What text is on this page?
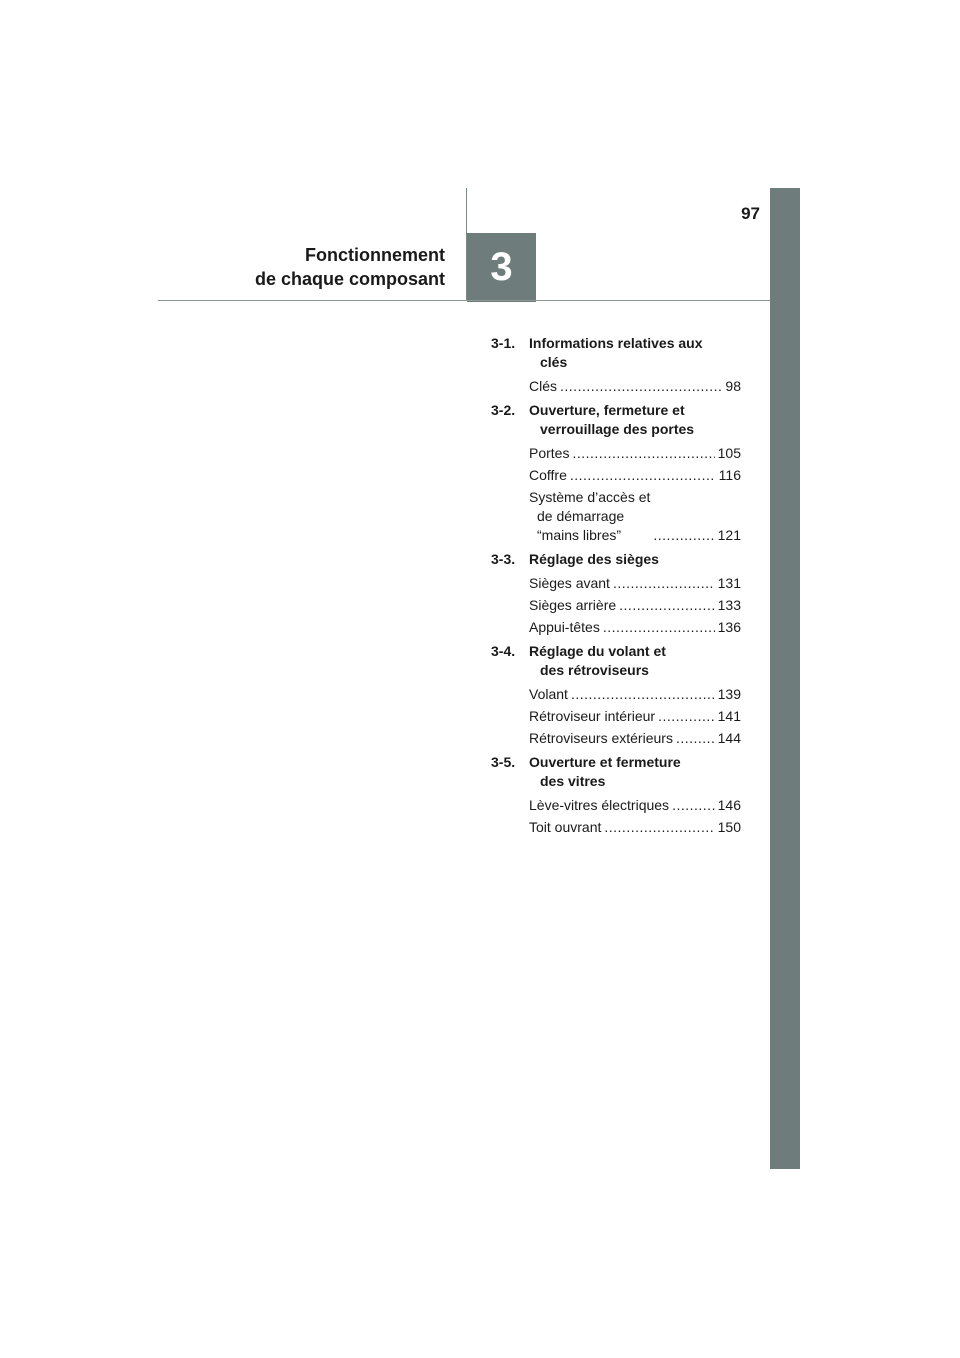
97
Fonctionnement
de chaque composant 3
3-1. Informations relatives aux
clés
Clés .....	98
3-2. Ouverture, fermeture et
verrouillage des portes
Portes .....	105
Coffre .....	116
Système d’accès et
de démarrage
“mains libres” .....	121
3-3. Réglage des sièges
Sièges avant .....	131
Sièges arrière .....	133
Appui-têtes .....	136
3-4. Réglage du volant et
des rétroviseurs
Volant .....	139
Rétroviseur intérieur .....	141
Rétroviseurs extérieurs .....	144
3-5. Ouverture et fermeture
des vitres
Lève-vitres électriques .....	146
Toit ouvrant .....	150
